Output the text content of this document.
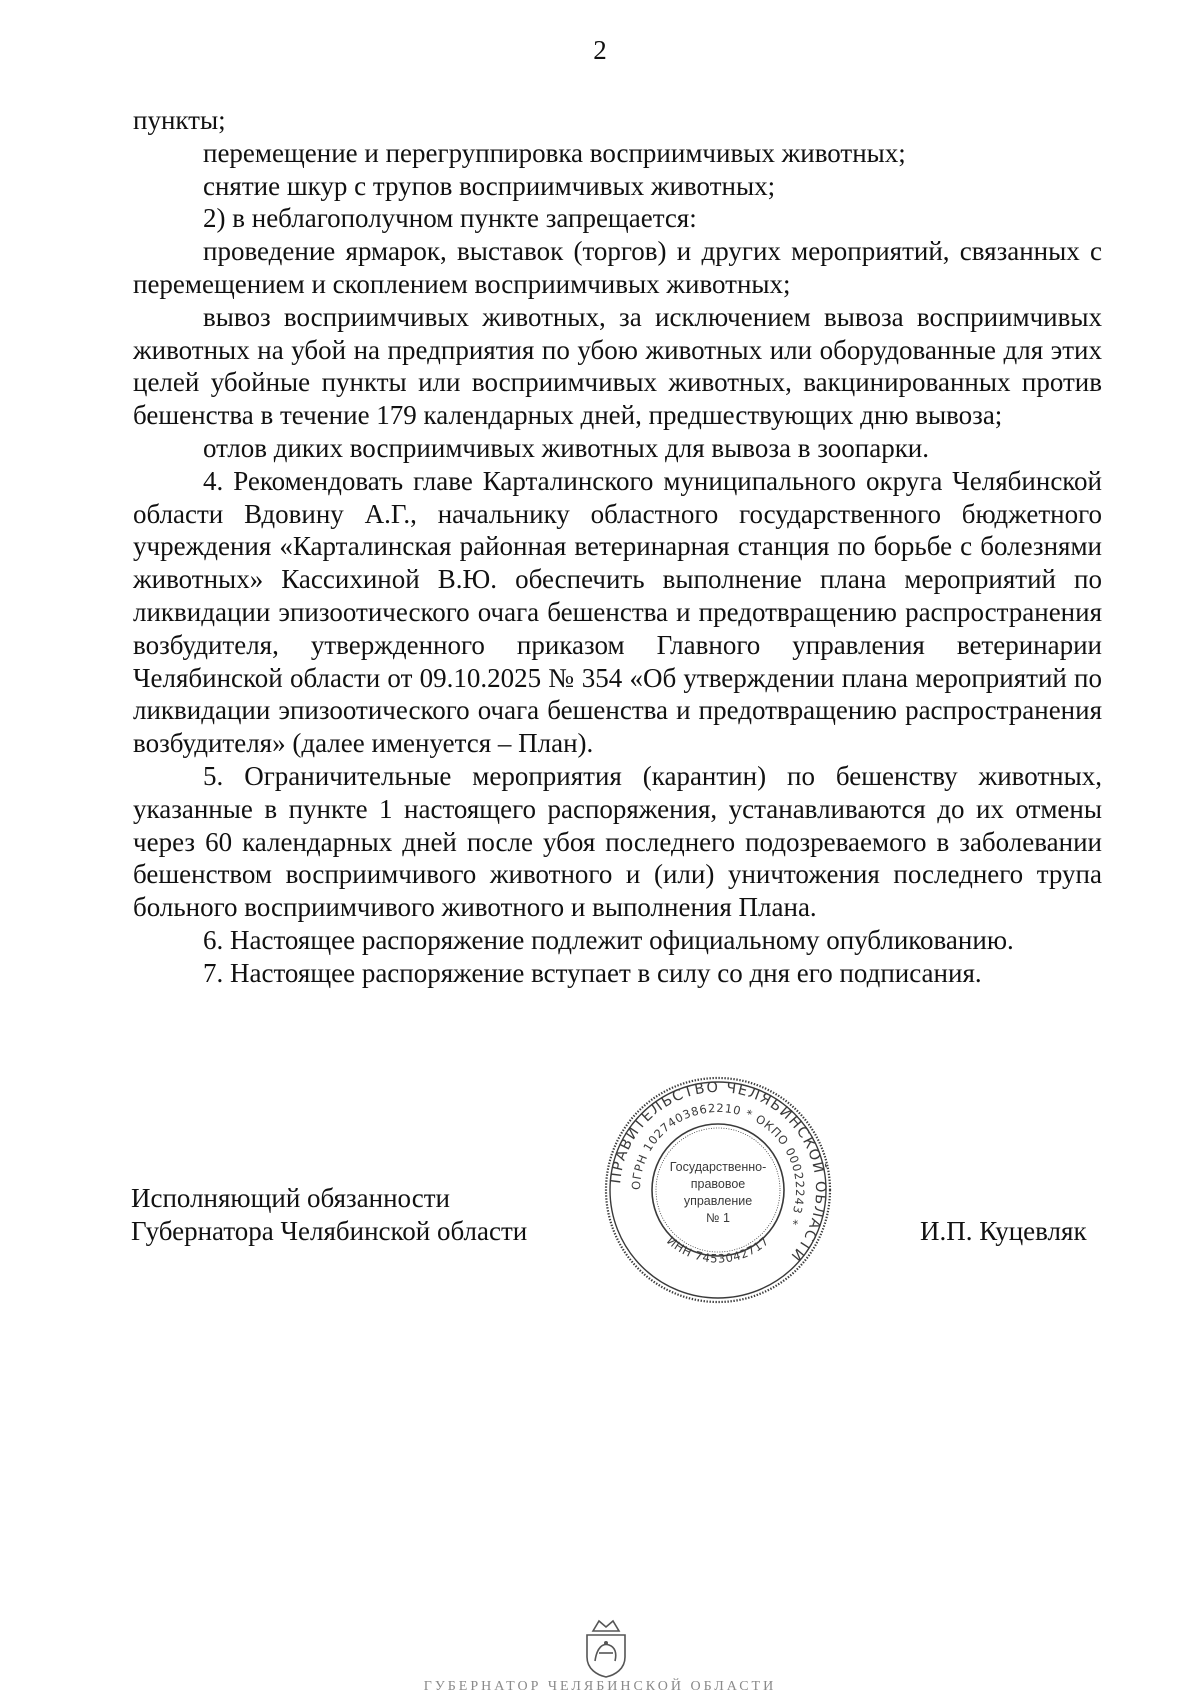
2

пункты;

перемещение и перегруппировка восприимчивых животных;

снятие шкур с трупов восприимчивых животных;

2) в неблагополучном пункте запрещается:

проведение ярмарок, выставок (торгов) и других мероприятий, связанных с перемещением и скоплением восприимчивых животных;

вывоз восприимчивых животных, за исключением вывоза восприимчивых животных на убой на предприятия по убою животных или оборудованные для этих целей убойные пункты или восприимчивых животных, вакцинированных против бешенства в течение 179 календарных дней, предшествующих дню вывоза;

отлов диких восприимчивых животных для вывоза в зоопарки.

4. Рекомендовать главе Карталинского муниципального округа Челябинской области Вдовину А.Г., начальнику областного государственного бюджетного учреждения «Карталинская районная ветеринарная станция по борьбе с болезнями животных» Кассихиной В.Ю. обеспечить выполнение плана мероприятий по ликвидации эпизоотического очага бешенства и предотвращению распространения возбудителя, утвержденного приказом Главного управления ветеринарии Челябинской области от 09.10.2025 № 354 «Об утверждении плана мероприятий по ликвидации эпизоотического очага бешенства и предотвращению распространения возбудителя» (далее именуется – План).

5. Ограничительные мероприятия (карантин) по бешенству животных, указанные в пункте 1 настоящего распоряжения, устанавливаются до их отмены через 60 календарных дней после убоя последнего подозреваемого в заболевании бешенством восприимчивого животного и (или) уничтожения последнего трупа больного восприимчивого животного и выполнения Плана.

6. Настоящее распоряжение подлежит официальному опубликованию.

7. Настоящее распоряжение вступает в силу со дня его подписания.

Исполняющий обязанности
Губернатора Челябинской области
ПРАВИТЕЛЬСТВО ЧЕЛЯБИНСКОЙ ОБЛАСТИ
ОГРН 1027403862210 * ОКПО 00022243 *
ИНН 7453042717
Государственно-
правовое
управление
№ 1	И.П. Куцевляк
ГУБЕРНАТОР ЧЕЛЯБИНСКОЙ ОБЛАСТИ
